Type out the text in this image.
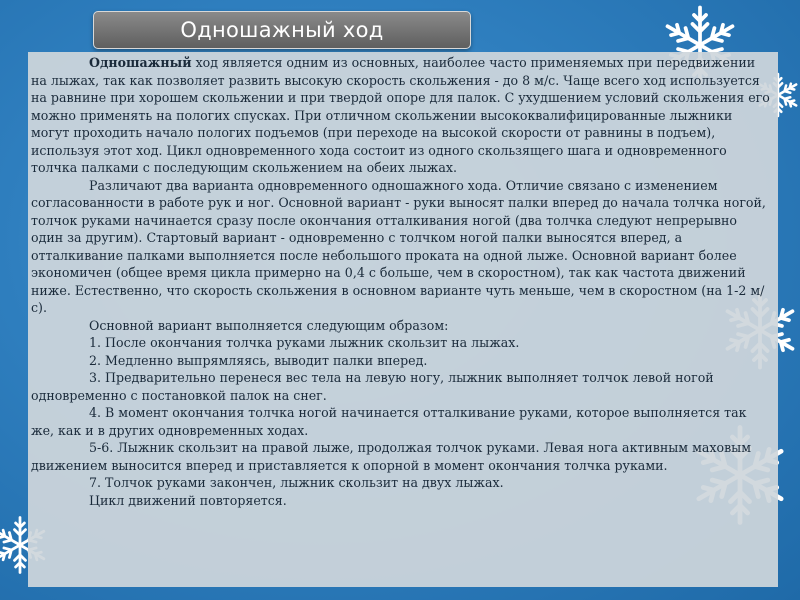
Одношажный ход

Одношажный ход является одним из основных, наиболее часто применяемых при передвижении на лыжах, так как позволяет развить высокую скорость скольжения - до 8 м/с. Чаще всего ход используется на равнине при хорошем скольжении и при твердой опоре для палок. С ухудшением условий скольжения его можно применять на пологих спусках. При отличном скольжении высококвалифицированные лыжники могут проходить начало пологих подъемов (при переходе на высокой скорости от равнины в подъем), используя этот ход. Цикл одновременного хода состоит из одного скользящего шага и одновременного толчка палками с последующим скольжением на обеих лыжах.

Различают два варианта одновременного одношажного хода. Отличие связано с изменением согласованности в работе рук и ног. Основной вариант - руки выносят палки вперед до начала толчка ногой, толчок руками начинается сразу после окончания отталкивания ногой (два толчка следуют непрерывно один за другим). Стартовый вариант - одновременно с толчком ногой палки выносятся вперед, а отталкивание палками выполняется после небольшого проката на одной лыже. Основной вариант более экономичен (общее время цикла примерно на 0,4 с больше, чем в скоростном), так как частота движений ниже. Естественно, что скорость скольжения в основном варианте чуть меньше, чем в скоростном (на 1-2 м/с).

Основной вариант выполняется следующим образом:

1. После окончания толчка руками лыжник скользит на лыжах.

2. Медленно выпрямляясь, выводит палки вперед.

3. Предварительно перенеся вес тела на левую ногу, лыжник выполняет толчок левой ногой одновременно с постановкой палок на снег.

4. В момент окончания толчка ногой начинается отталкивание руками, которое выполняется так же, как и в других одновременных ходах.

5-6. Лыжник скользит на правой лыже, продолжая толчок руками. Левая нога активным маховым движением выносится вперед и приставляется к опорной в момент окончания толчка руками.

7. Толчок руками закончен, лыжник скользит на двух лыжах.

Цикл движений повторяется.
